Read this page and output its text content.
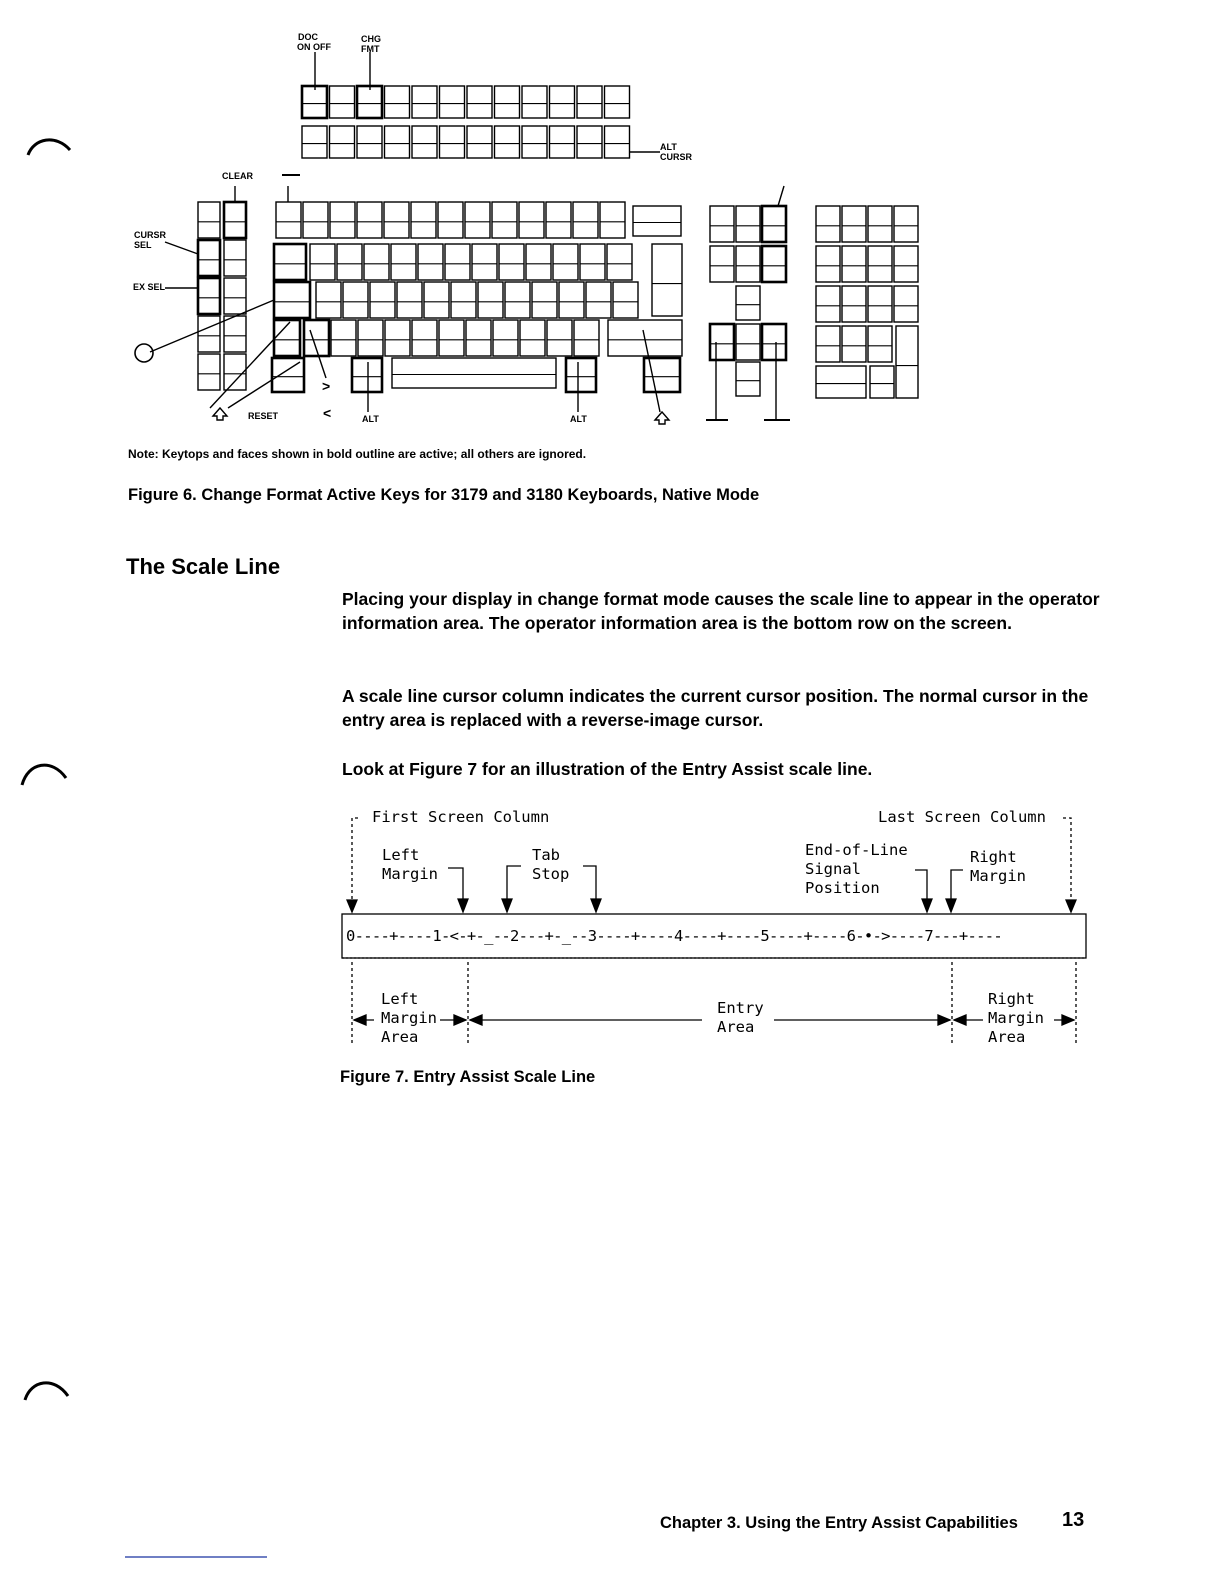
DOC
ON OFF
CHG
FMT
ALT
CURSR
CLEAR
CURSR
SEL
EX SEL
RESET	ALT	ALT
>
<
Note: Keytops and faces shown in bold outline are active; all others are ignored.
Figure 6. Change Format Active Keys for 3179 and 3180 Keyboards, Native Mode
The Scale Line
Placing your display in change format mode causes the scale line to appear in the operator information area. The operator information area is the bottom row on the screen.
A scale line cursor column indicates the current cursor position. The normal cursor in the entry area is replaced with a reverse-image cursor.
Look at Figure 7 for an illustration of the Entry Assist scale line.
First Screen Column	Last Screen Column
Left
Margin
Tab
Stop
End-of-Line
Signal
Position
Right
Margin
0----+----1-<-+-_--2---+-_--3----+----4----+----5----+----6-•->----7---+----
Left
Margin
Area
Entry
Area
Right
Margin
Area
Figure 7. Entry Assist Scale Line
Chapter 3. Using the Entry Assist Capabilities 13
